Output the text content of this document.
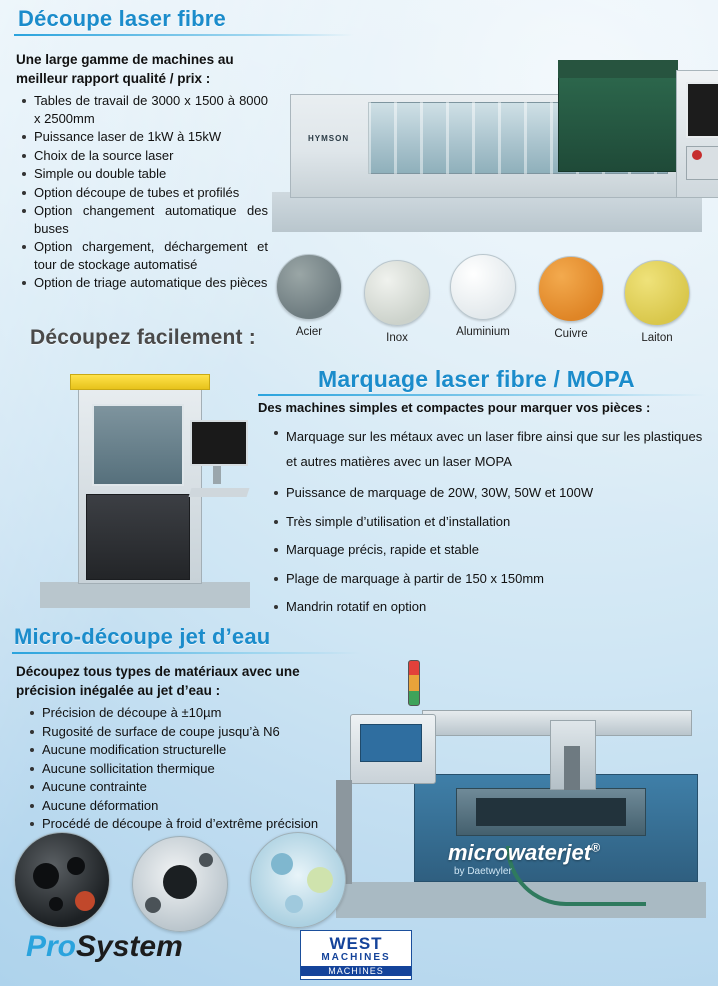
Découpe laser fibre
Une large gamme de machines au meilleur rapport qualité / prix :
Tables de travail de 3000 x 1500 à 8000 x 2500mm
Puissance laser de 1kW à 15kW
Choix de la source laser
Simple ou double table
Option découpe de tubes et profilés
Option changement automatique des buses
Option chargement, déchargement et tour de stockage automatisé
Option de triage automatique des pièces
HYMSON
Découpez facilement :	Acier	Inox	Aluminium	Cuivre	Laiton
Marquage laser fibre / MOPA
Des machines simples et compactes pour marquer vos pièces :
Marquage sur les métaux avec un laser fibre ainsi que sur les plastiques et autres matières avec un laser MOPA
Puissance de marquage de 20W, 30W, 50W et 100W
Très simple d’utilisation et d’installation
Marquage précis, rapide et stable
Plage de marquage à partir de 150 x 150mm
Mandrin rotatif en option
Micro-découpe jet d’eau
Découpez tous types de matériaux avec une précision inégalée au jet d’eau :
Précision de découpe à ±10µm
Rugosité de surface de coupe jusqu’à N6
Aucune modification structurelle
Aucune sollicitation thermique
Aucune contrainte
Aucune déformation
Procédé de découpe à froid d’extrême précision
microwaterjet®
by Daetwyler
ProSystem	WEST
MACHINES
MACHINES
